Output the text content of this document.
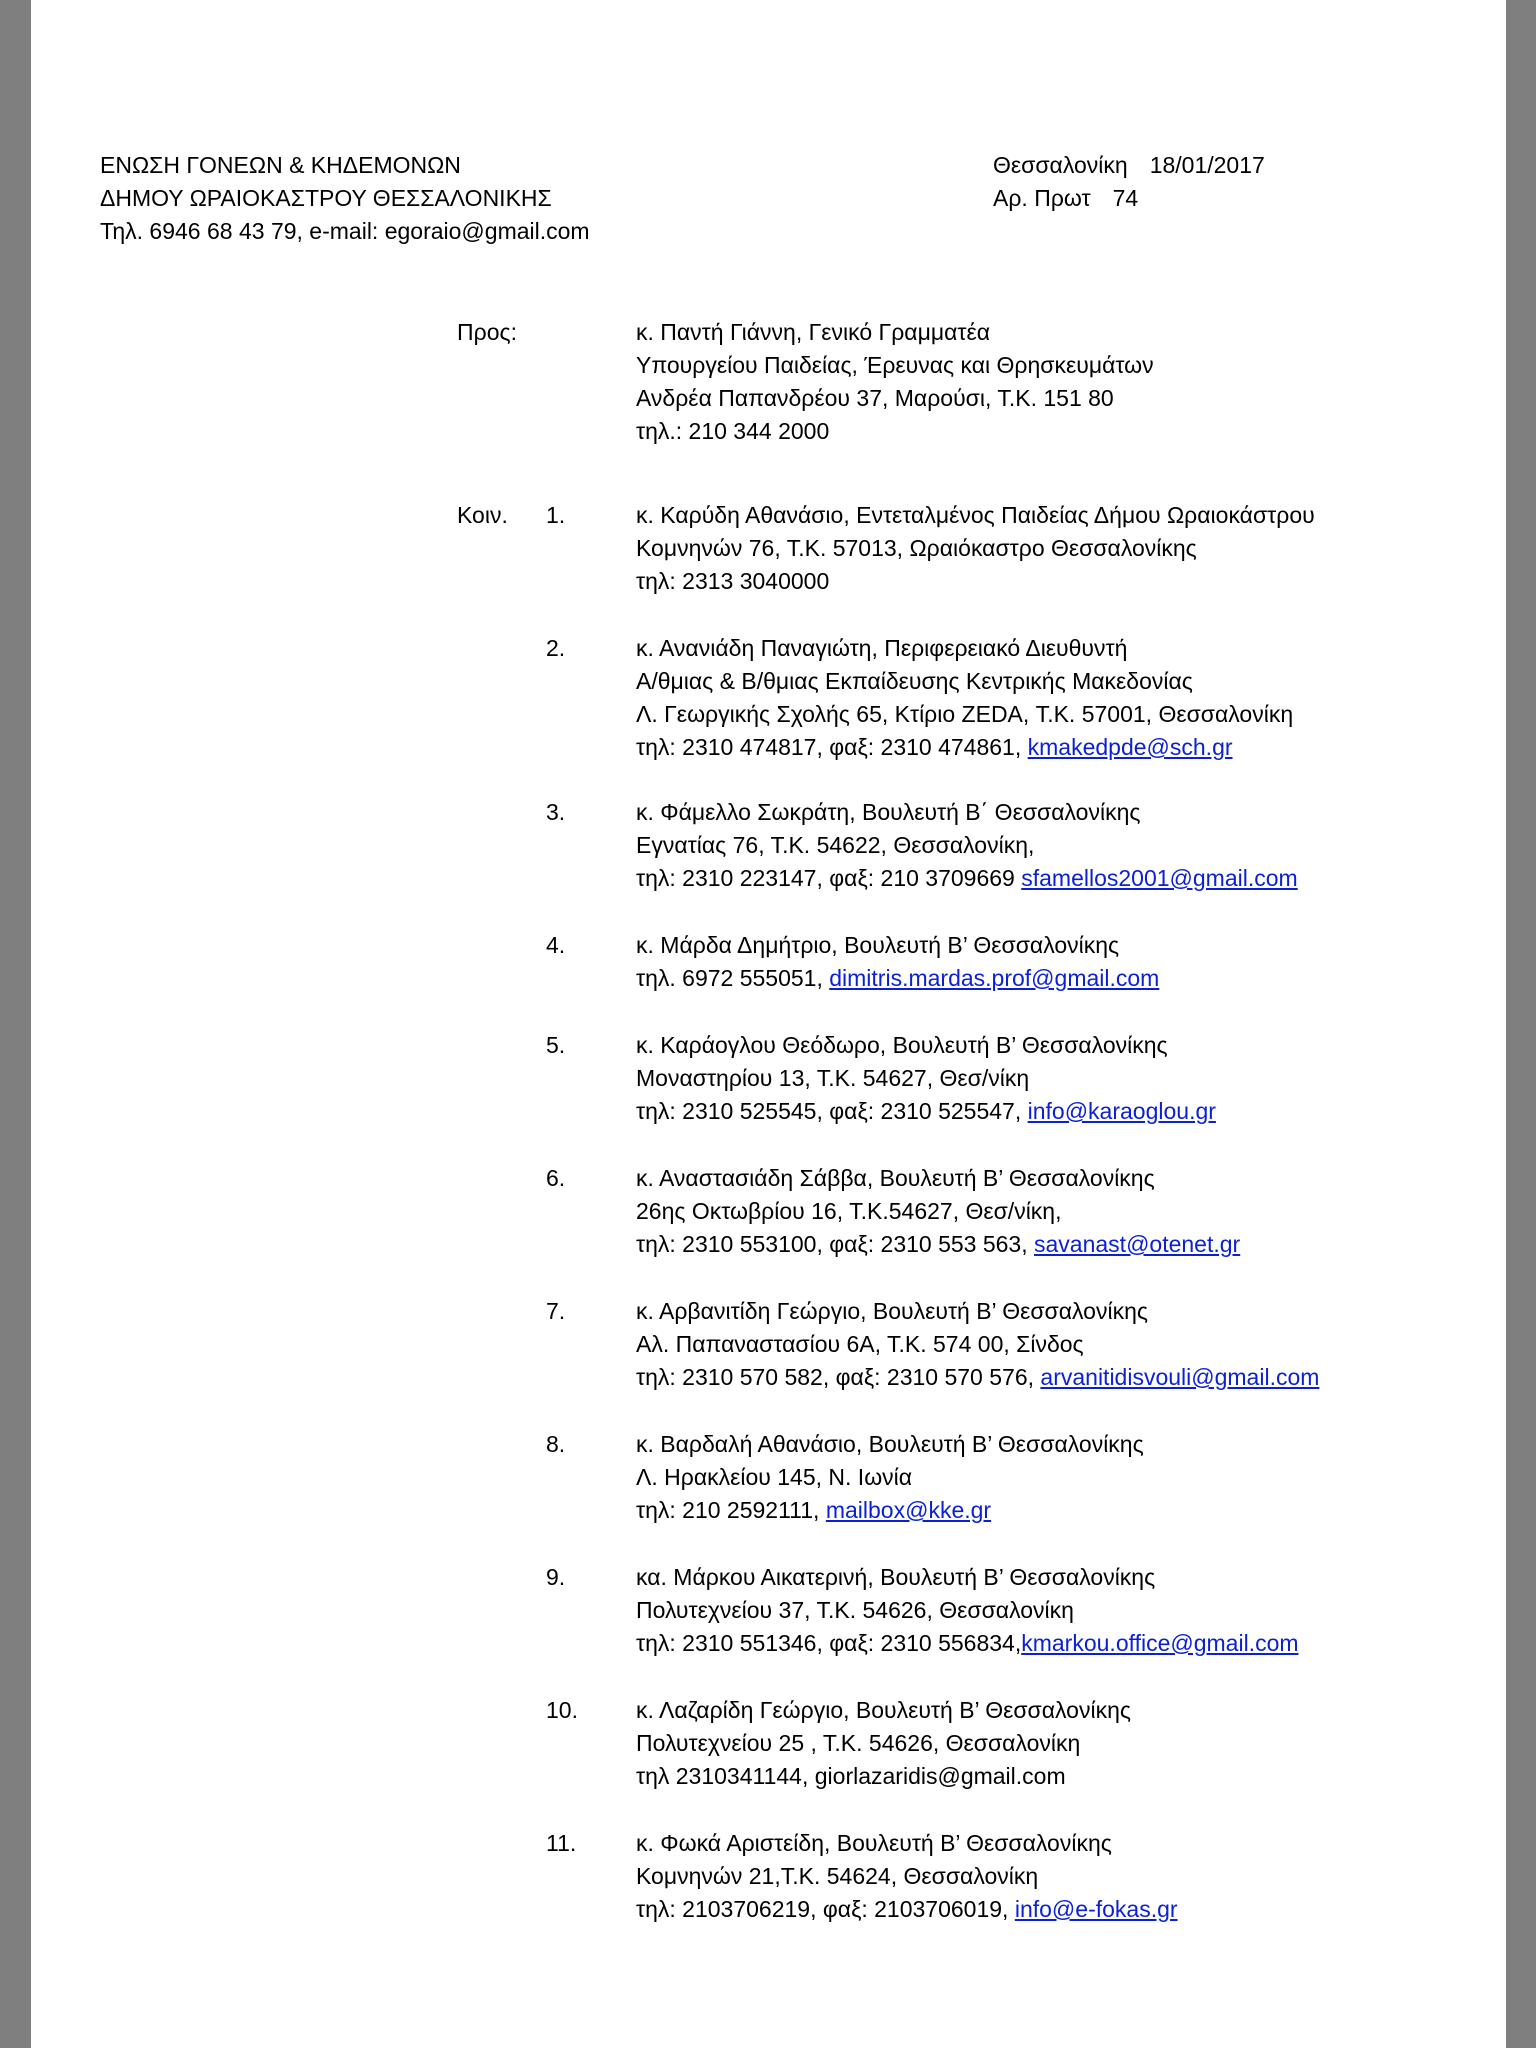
ΕΝΩΣΗ ΓΟΝΕΩΝ & ΚΗΔΕΜΟΝΩΝ
ΔΗΜΟΥ ΩΡΑΙΟΚΑΣΤΡΟΥ ΘΕΣΣΑΛΟΝΙΚΗΣ
Τηλ. 6946 68 43 79, e-mail: egoraio@gmail.com
Θεσσαλονίκη 18/01/2017
Αρ. Πρωτ 74
Προς:	κ. Παντή Γιάννη, Γενικό Γραμματέα
Υπουργείου Παιδείας, Έρευνας και Θρησκευμάτων
Ανδρέα Παπανδρέου 37, Μαρούσι, Τ.Κ. 151 80
τηλ.: 210 344 2000
Κοιν. 1.	κ. Καρύδη Αθανάσιο, Εντεταλμένος Παιδείας Δήμου Ωραιοκάστρου
Κομνηνών 76, Τ.Κ. 57013, Ωραιόκαστρο Θεσσαλονίκης
τηλ: 2313 3040000
2.	κ. Ανανιάδη Παναγιώτη, Περιφερειακό Διευθυντή
Α/θμιας & Β/θμιας Εκπαίδευσης Κεντρικής Μακεδονίας
Λ. Γεωργικής Σχολής 65, Κτίριο ZEDA, Τ.Κ. 57001, Θεσσαλονίκη
τηλ: 2310 474817, φαξ: 2310 474861, kmakedpde@sch.gr
3.	κ. Φάμελλο Σωκράτη, Βουλευτή Β΄ Θεσσαλονίκης
Εγνατίας 76, Τ.Κ. 54622, Θεσσαλονίκη,
τηλ: 2310 223147, φαξ: 210 3709669 sfamellos2001@gmail.com
4.	κ. Μάρδα Δημήτριο, Βουλευτή Β’ Θεσσαλονίκης
τηλ. 6972 555051, dimitris.mardas.prof@gmail.com
5.	κ. Καράογλου Θεόδωρο, Βουλευτή Β’ Θεσσαλονίκης
Μοναστηρίου 13, Τ.Κ. 54627, Θεσ/νίκη
τηλ: 2310 525545, φαξ: 2310 525547, info@karaoglou.gr
6.	κ. Αναστασιάδη Σάββα, Βουλευτή Β’ Θεσσαλονίκης
26ης Οκτωβρίου 16, Τ.Κ.54627, Θεσ/νίκη,
τηλ: 2310 553100, φαξ: 2310 553 563, savanast@otenet.gr
7.	κ. Αρβανιτίδη Γεώργιο, Βουλευτή Β’ Θεσσαλονίκης
Αλ. Παπαναστασίου 6Α, Τ.Κ. 574 00, Σίνδος
τηλ: 2310 570 582, φαξ: 2310 570 576, arvanitidisvouli@gmail.com
8.	κ. Βαρδαλή Αθανάσιο, Βουλευτή Β’ Θεσσαλονίκης
Λ. Ηρακλείου 145, Ν. Ιωνία
τηλ: 210 2592111, mailbox@kke.gr
9.	κα. Μάρκου Αικατερινή, Βουλευτή Β’ Θεσσαλονίκης
Πολυτεχνείου 37, Τ.Κ. 54626, Θεσσαλονίκη
τηλ: 2310 551346, φαξ: 2310 556834,kmarkou.office@gmail.com
10.	κ. Λαζαρίδη Γεώργιο, Βουλευτή Β’ Θεσσαλονίκης
Πολυτεχνείου 25 , Τ.Κ. 54626, Θεσσαλονίκη
τηλ 2310341144, giorlazaridis@gmail.com
11.	κ. Φωκά Αριστείδη, Βουλευτή Β’ Θεσσαλονίκης
Κομνηνών 21,Τ.Κ. 54624, Θεσσαλονίκη
τηλ: 2103706219, φαξ: 2103706019, info@e-fokas.gr
